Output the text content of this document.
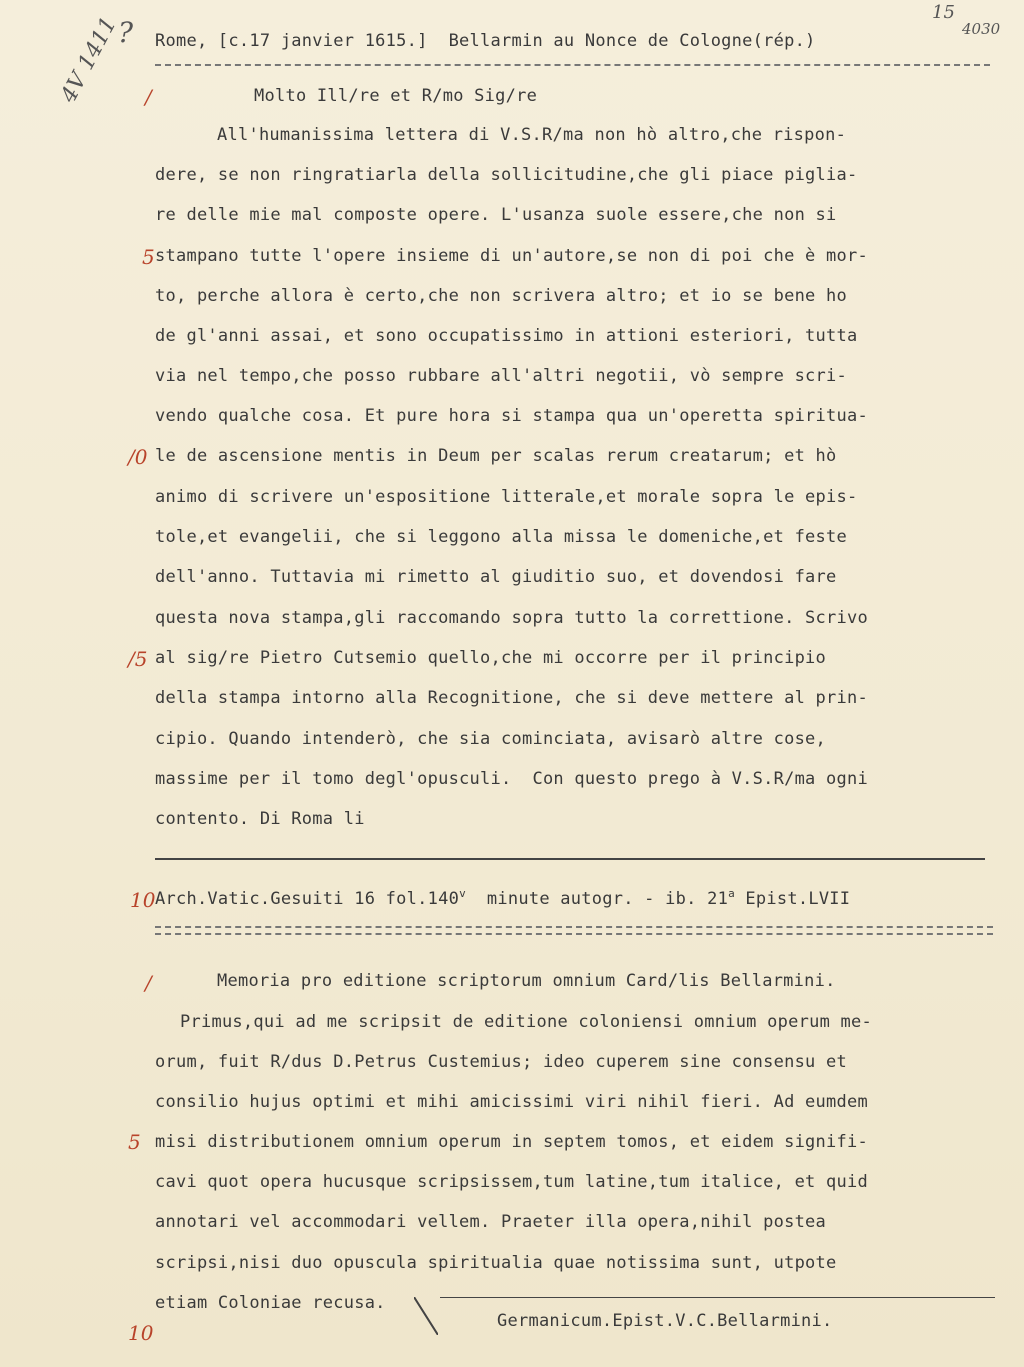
?
15
4030
Rome, [c.17 janvier 1615.]  Bellarmin au Nonce de Cologne(rép.)
4V 1411 /	Molto Ill/re et R/mo Sig/re
All'humanissima lettera di V.S.R/ma non hò altro,che rispon-
dere, se non ringratiarla della sollicitudine,che gli piace piglia-
re delle mie mal composte opere. L'usanza suole essere,che non si
5 stampano tutte l'opere insieme di un'autore,se non di poi che è mor-
to, perche allora è certo,che non scrivera altro; et io se bene ho
de gl'anni assai, et sono occupatissimo in attioni esteriori, tutta
via nel tempo,che posso rubbare all'altri negotii, vò sempre scri-
vendo qualche cosa. Et pure hora si stampa qua un'operetta spiritua-
/0 le de ascensione mentis in Deum per scalas rerum creatarum; et hò
animo di scrivere un'espositione litterale,et morale sopra le epis-
tole,et evangelii, che si leggono alla missa le domeniche,et feste
dell'anno. Tuttavia mi rimetto al giuditio suo, et dovendosi fare
questa nova stampa,gli raccomando sopra tutto la correttione. Scrivo
/5 al sig/re Pietro Cutsemio quello,che mi occorre per il principio
della stampa intorno alla Recognitione, che si deve mettere al prin-
cipio. Quando intenderò, che sia cominciata, avisarò altre cose,
massime per il tomo degl'opusculi.  Con questo prego à V.S.R/ma ogni
contento. Di Roma li
10 Arch.Vatic.Gesuiti 16 fol.140$^v$  minute autogr. - ib. 21$^a$ Epist.LVII
/	Memoria pro editione scriptorum omnium Card/lis Bellarmini.
Primus,qui ad me scripsit de editione coloniensi omnium operum me-
orum, fuit R/dus D.Petrus Custemius; ideo cuperem sine consensu et
consilio hujus optimi et mihi amicissimi viri nihil fieri. Ad eumdem
5 misi distributionem omnium operum in septem tomos, et eidem signifi-
cavi quot opera hucusque scripsissem,tum latine,tum italice, et quid
annotari vel accommodari vellem. Praeter illa opera,nihil postea
scripsi,nisi duo opuscula spiritualia quae notissima sunt, utpote
etiam Coloniae recusa.
10	Germanicum.Epist.V.C.Bellarmini.
